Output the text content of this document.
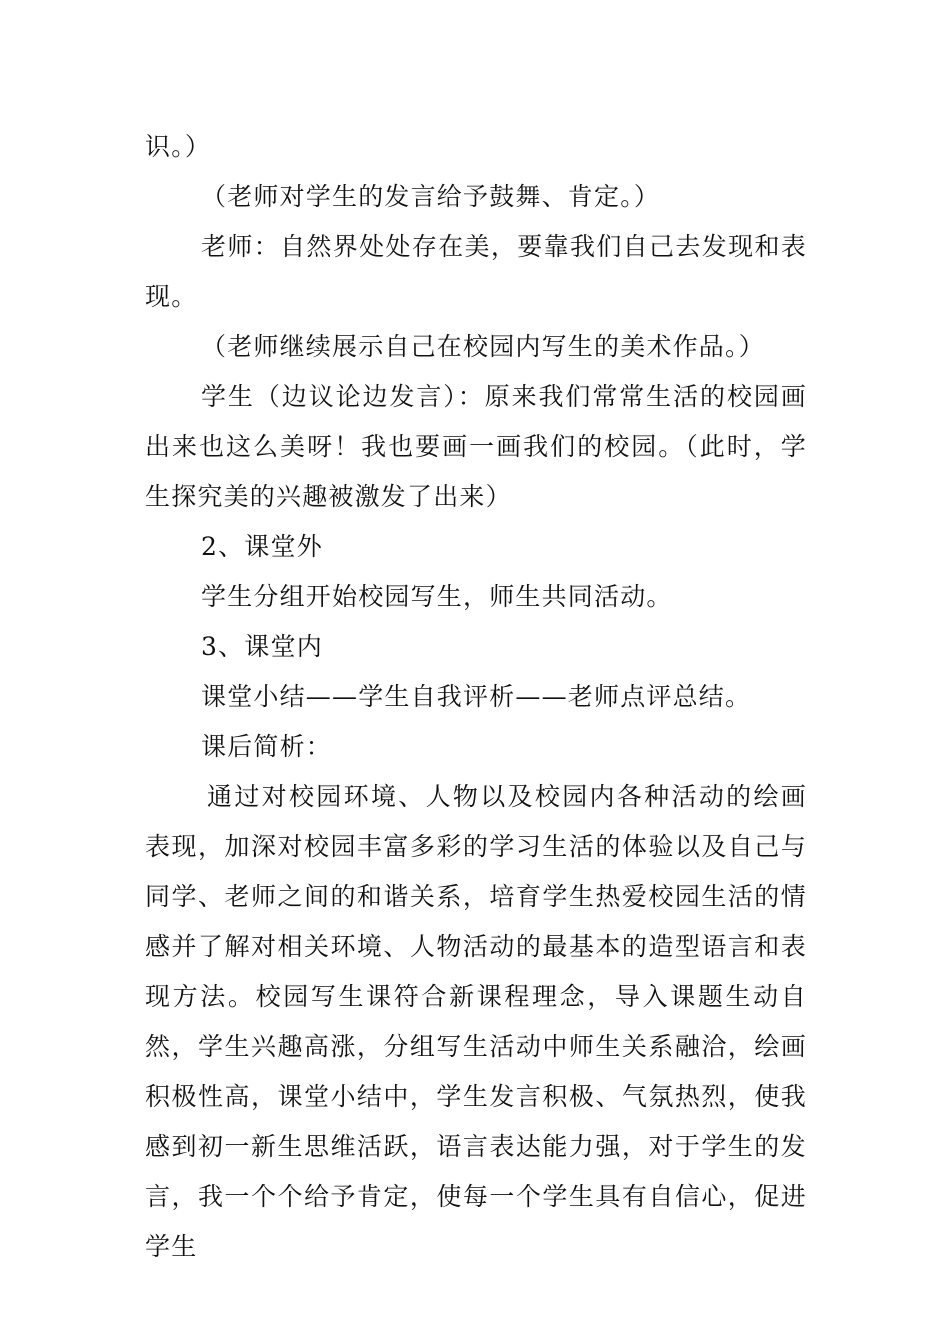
识。）

（老师对学生的发言给予鼓舞、肯定。）

老师：自然界处处存在美，要靠我们自己去发现和表现。

（老师继续展示自己在校园内写生的美术作品。）

学生（边议论边发言）：原来我们常常生活的校园画出来也这么美呀！我也要画一画我们的校园。（此时，学生探究美的兴趣被激发了出来）

2、课堂外

学生分组开始校园写生，师生共同活动。

3、课堂内

课堂小结——学生自我评析——老师点评总结。

课后简析：

通过对校园环境、人物以及校园内各种活动的绘画表现，加深对校园丰富多彩的学习生活的体验以及自己与同学、老师之间的和谐关系，培育学生热爱校园生活的情感并了解对相关环境、人物活动的最基本的造型语言和表现方法。校园写生课符合新课程理念，导入课题生动自然，学生兴趣高涨，分组写生活动中师生关系融洽，绘画积极性高，课堂小结中，学生发言积极、气氛热烈，使我感到初一新生思维活跃，语言表达能力强，对于学生的发言，我一个个给予肯定，使每一个学生具有自信心，促进学生
